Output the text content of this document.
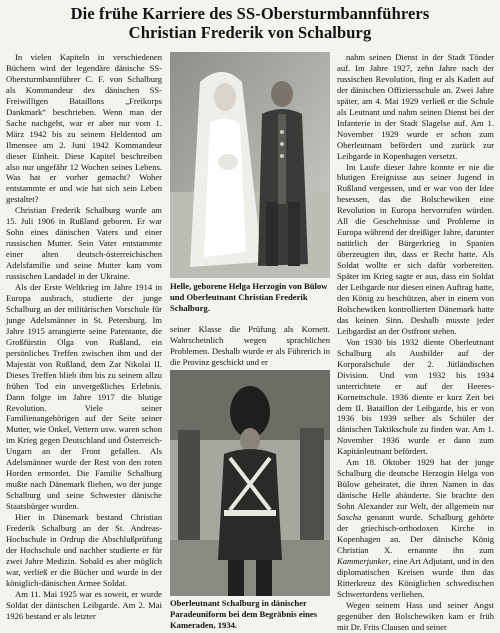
Die frühe Karriere des SS-Obersturmbannführers
Christian Frederik von Schalburg

In vielen Kapiteln in verschiedenen Büchern wird der legendäre dänische SS-Obersturmbannführer C. F. von Schalburg als Kommandeur des dänischen SS-Freiwilligen Bataillons „Freikorps Dankmark“ beschrieben. Wenn man der Sache nachgeht, war er aber nur vom 1. März 1942 bis zu seinem Heldentod am Ilmensee am 2. Juni 1942 Kommandeur dieser Einheit. Diese Kapitel beschreiben also nur ungefähr 12 Wochen seines Lebens. Was hat er vorher gemacht? Woher entstammte er und wie hat sich sein Leben gestaltet?

Christian Frederik Schalburg wurde am 15. Juli 1906 in Rußland geboren. Er war Sohn eines dänischen Vaters und einer russischen Mutter. Sein Vater entstammte einer alten deutsch-österreichischen Adelsfamilie und seine Mutter kam vom russischen Landadel in der Ukraine.

Als der Erste Weltkrieg im Jahre 1914 in Europa ausbrach, studierte der junge Schalburg an der militärischen Vorschule für junge Adelsmänner in St. Petersburg. Im Jahre 1915 arrangierte seine Patentante, die Großfürstin Olga von Rußland, ein persönliches Treffen zwischen ihm und der Majestät von Rußland, dem Zar Nikolai II. Dieses Treffen blieb ihm bis zu seinem allzu frühen Tod ein unvergeßliches Erlebnis. Dann folgte im Jahre 1917 die blutige Revolution. Viele seiner Familienangehörigen auf der Seite seiner Mutter, wie Onkel, Vettern usw. waren schon im Krieg gegen Deutschland und Österreich-Ungarn an der Front gefallen. Als Adelsmänner wurde der Rest von den roten Horden ermordet. Die Familie Schalburg mußte nach Dänemark fliehen, wo der junge Schalburg und seine Schwester dänische Staatsbürger wurden.

Hier in Dänemark bestand Christian Frederik Schalburg an der St. Andreas-Hochschule in Ordrup die Abschlußprüfung der Hochschule und nachher studierte er für zwei Jahre Medizin. Sobald es aber möglich war, verließ er die Bücher und wurde in der königlich-dänischen Armee Soldat.

Am 11. Mai 1925 war es soweit, er wurde Soldat der dänischen Leibgarde. Am 2. Mai 1926 bestand er als letzter

Helle, geborene Helga Herzogin von Bülow und Oberleutnant Christian Frederik Schalburg.

seiner Klasse die Prüfung als Kornett. Wahrscheinlich wegen sprachlichen Problemen. Deshalb wurde er als Führerich in die Provinz geschickt und er

Oberleutnant Schalburg in dänischer Paradeuniform bei dem Begräbnis eines Kameraden, 1934.

nahm seinen Dienst in der Stadt Tönder auf. Im Jahre 1927, zehn Jahre nach der russischen Revolution, fing er als Kadett auf der dänischen Offiziersschule an. Zwei Jahre später, am 4. Mai 1929 verließ er die Schule als Leutnant und nahm seinen Dienst bei der Infanterie in der Stadt Slagelse auf. Am 1. November 1929 wurde er schon zum Oberleutnant befördert und zurück zur Leibgarde in Kopenhagen versetzt.

Im Laufe dieser Jahre konnte er nie die blutigen Ereignisse aus seiner Jugend in Rußland vergessen, und er war von der Idee besessen, das die Bolschewiken eine Revolution in Europa hervorrufen würden. All die Geschehnisse und Probleme in Europa während der dreißiger Jahre, darunter natürlich der Bürgerkrieg in Spanien überzeugten ihn, dass er Recht hatte. Als Soldat wollte er sich dafür vorbereiten. Später im Krieg sagte er aus, dass ein Soldat der Leibgarde nur diesen einen Auftrag hatte, den König zu beschützen, aber in einem von Bolschewiken kontrollierten Dänemark hatte das keinen Sinn. Deshalb musste jeder Leibgardist an der Ostfront stehen.

Von 1930 bis 1932 diente Oberleutnant Schalburg als Ausbilder auf der Korporalschule der 2. Jütländischen Division. Und von 1932 bis 1934 unterrichtete er auf der Heeres-Kornettschule. 1936 diente er kurz Zeit bei dem II. Bataillon der Leibgarde, bis er von 1936 bis 1939 selber als Schüler der dänischen Taktikschule zu finden war. Am 1. November 1936 wurde er dann zum Kapitänleutnant befördert.

Am 18. Oktober 1929 hat der junge Schalburg die deutsche Herzogin Helga von Bülow geheiratet, die ihren Namen in das dänische Helle abänderte. Sie brachte den Sohn Alexander zur Welt, der allgemein nur Sascha genannt wurde. Schalburg gehörte der griechisch-orthodoxen Kirche in Kopenhagen an. Der dänische König Christian X. ernannte ihn zum Kammerjunker, eine Art Adjutant, und in den diplomatischen Kreisen wurde ihm das Ritterkreuz des Königlichen schwedischen Schwertordens verliehen.

Wegen seinem Hass und seiner Angst gegenüber den Bolschewiken kam er früh mit Dr. Frits Clausen und seiner
